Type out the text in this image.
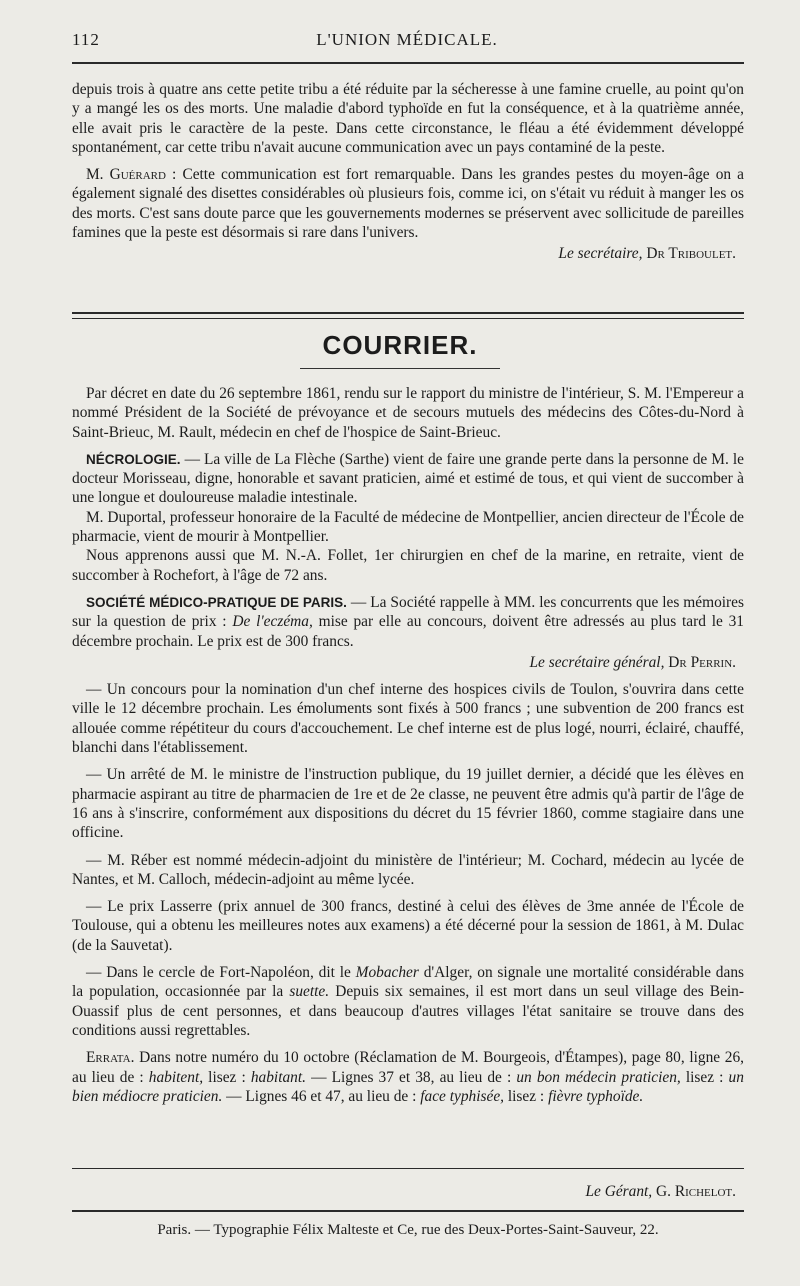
112	L'UNION MÉDICALE.

depuis trois à quatre ans cette petite tribu a été réduite par la sécheresse à une famine cruelle, au point qu'on y a mangé les os des morts. Une maladie d'abord typhoïde en fut la conséquence, et à la quatrième année, elle avait pris le caractère de la peste. Dans cette circonstance, le fléau a été évidemment développé spontanément, car cette tribu n'avait aucune communication avec un pays contaminé de la peste.

M. Guérard : Cette communication est fort remarquable. Dans les grandes pestes du moyen-âge on a également signalé des disettes considérables où plusieurs fois, comme ici, on s'était vu réduit à manger les os des morts. C'est sans doute parce que les gouvernements modernes se préservent avec sollicitude de pareilles famines que la peste est désormais si rare dans l'univers.

Le secrétaire, Dr Triboulet.
COURRIER.

Par décret en date du 26 septembre 1861, rendu sur le rapport du ministre de l'intérieur, S. M. l'Empereur a nommé Président de la Société de prévoyance et de secours mutuels des médecins des Côtes-du-Nord à Saint-Brieuc, M. Rault, médecin en chef de l'hospice de Saint-Brieuc.

NÉCROLOGIE. — La ville de La Flèche (Sarthe) vient de faire une grande perte dans la personne de M. le docteur Morisseau, digne, honorable et savant praticien, aimé et estimé de tous, et qui vient de succomber à une longue et douloureuse maladie intestinale.

M. Duportal, professeur honoraire de la Faculté de médecine de Montpellier, ancien directeur de l'École de pharmacie, vient de mourir à Montpellier.

Nous apprenons aussi que M. N.-A. Follet, 1er chirurgien en chef de la marine, en retraite, vient de succomber à Rochefort, à l'âge de 72 ans.

SOCIÉTÉ MÉDICO-PRATIQUE DE PARIS. — La Société rappelle à MM. les concurrents que les mémoires sur la question de prix : De l'eczéma, mise par elle au concours, doivent être adressés au plus tard le 31 décembre prochain. Le prix est de 300 francs.

Le secrétaire général, Dr Perrin.

— Un concours pour la nomination d'un chef interne des hospices civils de Toulon, s'ouvrira dans cette ville le 12 décembre prochain. Les émoluments sont fixés à 500 francs ; une subvention de 200 francs est allouée comme répétiteur du cours d'accouchement. Le chef interne est de plus logé, nourri, éclairé, chauffé, blanchi dans l'établissement.

— Un arrêté de M. le ministre de l'instruction publique, du 19 juillet dernier, a décidé que les élèves en pharmacie aspirant au titre de pharmacien de 1re et de 2e classe, ne peuvent être admis qu'à partir de l'âge de 16 ans à s'inscrire, conformément aux dispositions du décret du 15 février 1860, comme stagiaire dans une officine.

— M. Réber est nommé médecin-adjoint du ministère de l'intérieur; M. Cochard, médecin au lycée de Nantes, et M. Calloch, médecin-adjoint au même lycée.

— Le prix Lasserre (prix annuel de 300 francs, destiné à celui des élèves de 3me année de l'École de Toulouse, qui a obtenu les meilleures notes aux examens) a été décerné pour la session de 1861, à M. Dulac (de la Sauvetat).

— Dans le cercle de Fort-Napoléon, dit le Mobacher d'Alger, on signale une mortalité considérable dans la population, occasionnée par la suette. Depuis six semaines, il est mort dans un seul village des Bein-Ouassif plus de cent personnes, et dans beaucoup d'autres villages l'état sanitaire se trouve dans des conditions aussi regrettables.

Errata. Dans notre numéro du 10 octobre (Réclamation de M. Bourgeois, d'Étampes), page 80, ligne 26, au lieu de : habitent, lisez : habitant. — Lignes 37 et 38, au lieu de : un bon médecin praticien, lisez : un bien médiocre praticien. — Lignes 46 et 47, au lieu de : face typhisée, lisez : fièvre typhoïde.

Le Gérant, G. Richelot.
Paris. — Typographie Félix Malteste et Ce, rue des Deux-Portes-Saint-Sauveur, 22.
